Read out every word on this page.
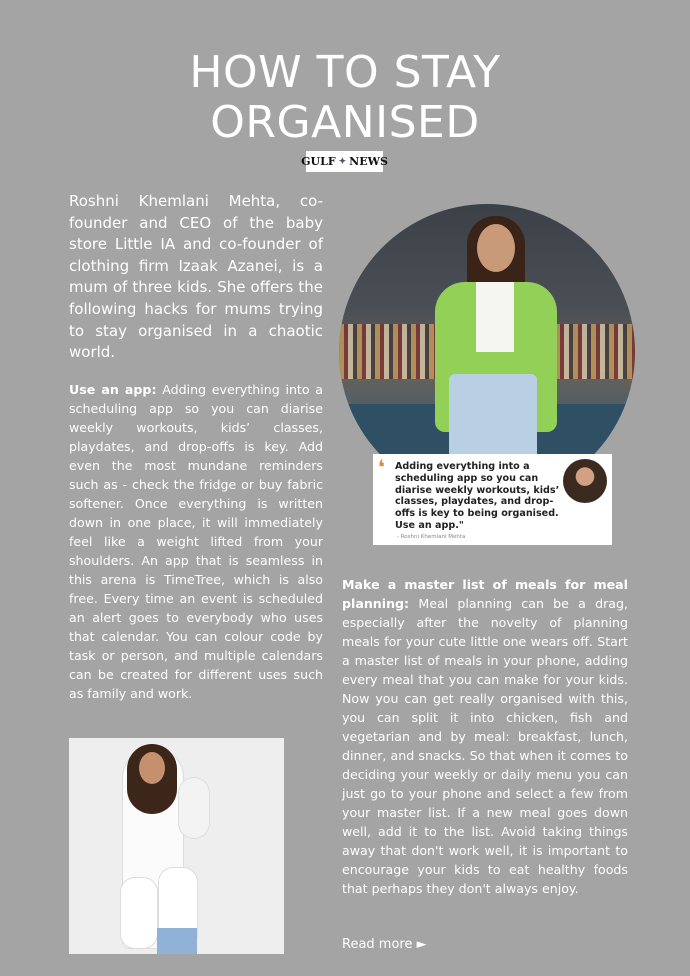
HOW TO STAY
ORGANISED
GULF ✦ NEWS
Roshni Khemlani Mehta, co-founder and CEO of the baby store Little IA and co-founder of clothing firm Izaak Azanei, is a mum of three kids. She offers the following hacks for mums trying to stay organised in a chaotic world.
Use an app: Adding everything into a scheduling app so you can diarise weekly workouts, kids’ classes, playdates, and drop-offs is key. Add even the most mundane reminders such as - check the fridge or buy fabric softener. Once everything is written down in one place, it will immediately feel like a weight lifted from your shoulders. An app that is seamless in this arena is TimeTree, which is also free. Every time an event is scheduled an alert goes to everybody who uses that calendar. You can colour code by task or person, and multiple calendars can be created for different uses such as family and work.
❛	Adding everything into a scheduling app so you can diarise weekly workouts, kids’ classes, playdates, and drop-offs is key to being organised. Use an app."
- Roshni Khemlani Mehta
Make a master list of meals for meal planning: Meal planning can be a drag, especially after the novelty of planning meals for your cute little one wears off. Start a master list of meals in your phone, adding every meal that you can make for your kids. Now you can get really organised with this, you can split it into chicken, fish and vegetarian and by meal: breakfast, lunch, dinner, and snacks. So that when it comes to deciding your weekly or daily menu you can just go to your phone and select a few from your master list. If a new meal goes down well, add it to the list. Avoid taking things away that don't work well, it is important to encourage your kids to eat healthy foods that perhaps they don't always enjoy.
Read more ►
